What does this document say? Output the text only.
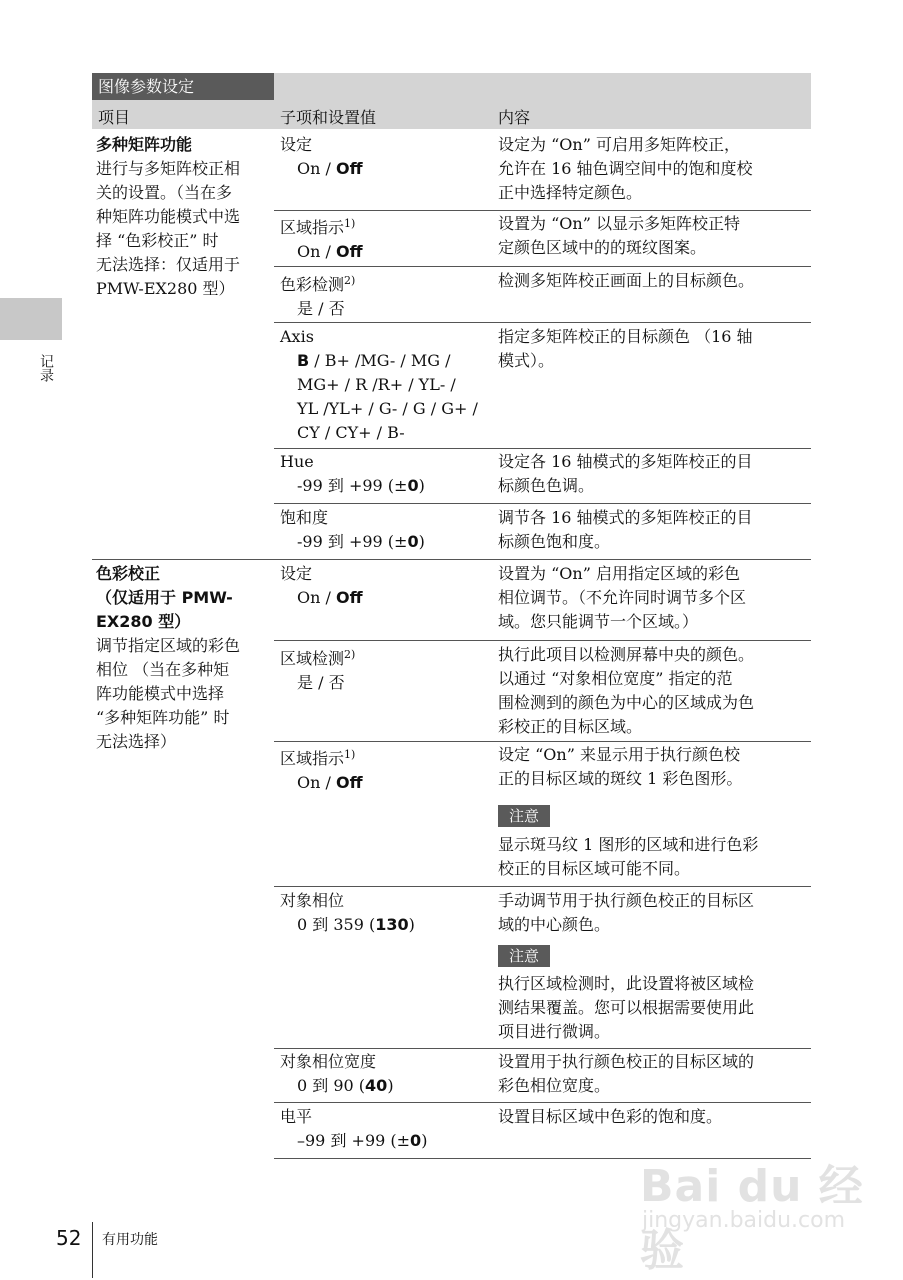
图像参数设定
项目	子项和设置值	内容
多种矩阵功能
进行与多矩阵校正相
关的设置。（当在多
种矩阵功能模式中选
择 “色彩校正” 时
无法选择：仅适用于
PMW-EX280 型）
设定
On / Off
设定为 “On” 可启用多矩阵校正，
允许在 16 轴色调空间中的饱和度校
正中选择特定颜色。
区域指示$^{1)}$
On / Off
设置为 “On” 以显示多矩阵校正特
定颜色区域中的的斑纹图案。
色彩检测$^{2)}$
是 / 否
检测多矩阵校正画面上的目标颜色。
Axis
B / B+ /MG- / MG /
MG+ / R /R+ / YL- /
YL /YL+ / G- / G / G+ /
CY / CY+ / B-
指定多矩阵校正的目标颜色 （16 轴
模式）。
Hue
-99 到 +99 (±0)
设定各 16 轴模式的多矩阵校正的目
标颜色色调。
饱和度
-99 到 +99 (±0)
调节各 16 轴模式的多矩阵校正的目
标颜色饱和度。
色彩校正
（仅适用于 PMW-
EX280 型）
调节指定区域的彩色
相位 （当在多种矩
阵功能模式中选择
“多种矩阵功能” 时
无法选择）
设定
On / Off
设置为 “On” 启用指定区域的彩色
相位调节。（不允许同时调节多个区
域。您只能调节一个区域。）
区域检测$^{2)}$
是 / 否
执行此项目以检测屏幕中央的颜色。
以通过 “对象相位宽度” 指定的范
围检测到的颜色为中心的区域成为色
彩校正的目标区域。
区域指示$^{1)}$
On / Off
设定 “On” 来显示用于执行颜色校
正的目标区域的斑纹 1 彩色图形。
注意
显示斑马纹 1 图形的区域和进行色彩
校正的目标区域可能不同。
对象相位
0 到 359 (130)
手动调节用于执行颜色校正的目标区
域的中心颜色。
注意
执行区域检测时，此设置将被区域检
测结果覆盖。您可以根据需要使用此
项目进行微调。
对象相位宽度
0 到 90 (40)
设置用于执行颜色校正的目标区域的
彩色相位宽度。
电平
–99 到 +99 (±0)
设置目标区域中色彩的饱和度。
记录
Bai du 经验
jingyan.baidu.com
52 有用功能
